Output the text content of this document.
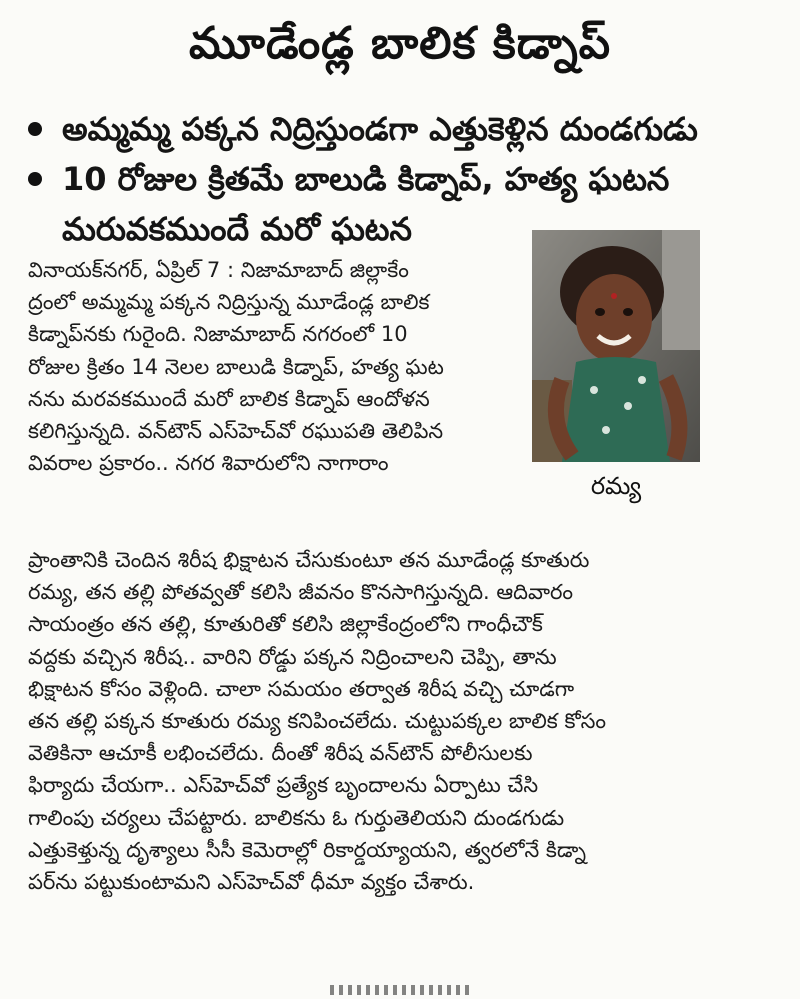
మూడేండ్ల బాలిక కిడ్నాప్
అమ్మమ్మ పక్కన నిద్రిస్తుండగా ఎత్తుకెళ్లిన దుండగుడు
10 రోజుల క్రితమే బాలుడి కిడ్నాప్, హత్య ఘటన
మరువకముందే మరో ఘటన
రమ్య
వినాయక్‌నగర్, ఏప్రిల్ 7 : నిజామాబాద్ జిల్లాకేం
ద్రంలో అమ్మమ్మ పక్కన నిద్రిస్తున్న మూడేండ్ల బాలిక
కిడ్నాప్‌నకు గురైంది. నిజామాబాద్ నగరంలో 10
రోజుల క్రితం 14 నెలల బాలుడి కిడ్నాప్, హత్య ఘట
నను మరవకముందే మరో బాలిక కిడ్నాప్ ఆందోళన
కలిగిస్తున్నది. వన్‌టౌన్ ఎస్‌హెచ్‌వో రఘుపతి తెలిపిన
వివరాల ప్రకారం.. నగర శివారులోని నాగారాం
ప్రాంతానికి చెందిన శిరీష భిక్షాటన చేసుకుంటూ తన మూడేండ్ల కూతురు
రమ్య, తన తల్లి పోతవ్వతో కలిసి జీవనం కొనసాగిస్తున్నది. ఆదివారం
సాయంత్రం తన తల్లి, కూతురితో కలిసి జిల్లాకేంద్రంలోని గాంధీచౌక్
వద్దకు వచ్చిన శిరీష.. వారిని రోడ్డు పక్కన నిద్రించాలని చెప్పి, తాను
భిక్షాటన కోసం వెళ్లింది. చాలా సమయం తర్వాత శిరీష వచ్చి చూడగా
తన తల్లి పక్కన కూతురు రమ్య కనిపించలేదు. చుట్టుపక్కల బాలిక కోసం
వెతికినా ఆచూకీ లభించలేదు. దీంతో శిరీష వన్‌టౌన్ పోలీసులకు
ఫిర్యాదు చేయగా.. ఎస్‌హెచ్‌వో ప్రత్యేక బృందాలను ఏర్పాటు చేసి
గాలింపు చర్యలు చేపట్టారు. బాలికను ఓ గుర్తుతెలియని దుండగుడు
ఎత్తుకెళ్తున్న దృశ్యాలు సీసీ కెమెరాల్లో రికార్డయ్యాయని, త్వరలోనే కిడ్నా
పర్‌ను పట్టుకుంటామని ఎస్‌హెచ్‌వో ధీమా వ్యక్తం చేశారు.
